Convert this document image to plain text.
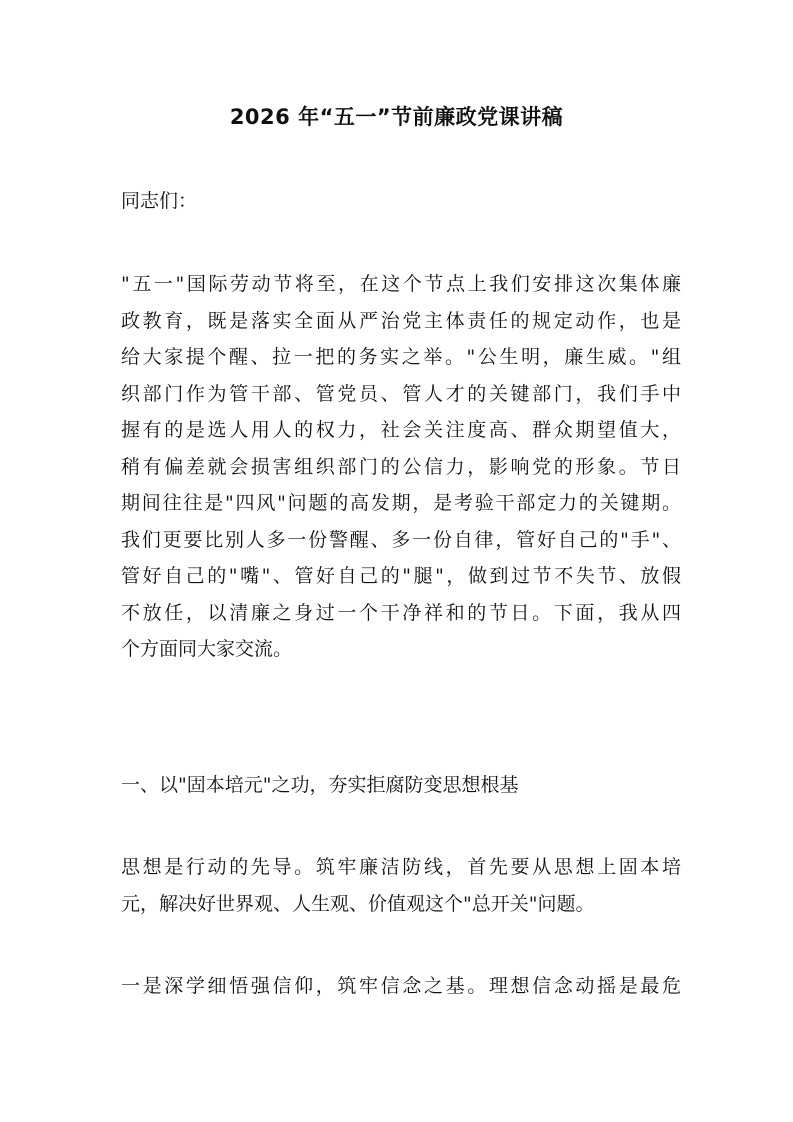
2026 年“五一”节前廉政党课讲稿
同志们：
"五一"国际劳动节将至，在这个节点上我们安排这次集体廉
政教育，既是落实全面从严治党主体责任的规定动作，也是
给大家提个醒、拉一把的务实之举。"公生明，廉生威。"组
织部门作为管干部、管党员、管人才的关键部门，我们手中
握有的是选人用人的权力，社会关注度高、群众期望值大，
稍有偏差就会损害组织部门的公信力，影响党的形象。节日
期间往往是"四风"问题的高发期，是考验干部定力的关键期。
我们更要比别人多一份警醒、多一份自律，管好自己的"手"、
管好自己的"嘴"、管好自己的"腿"，做到过节不失节、放假
不放任，以清廉之身过一个干净祥和的节日。下面，我从四
个方面同大家交流。
一、以"固本培元"之功，夯实拒腐防变思想根基
思想是行动的先导。筑牢廉洁防线，首先要从思想上固本培
元，解决好世界观、人生观、价值观这个"总开关"问题。
一是深学细悟强信仰，筑牢信念之基。理想信念动摇是最危
